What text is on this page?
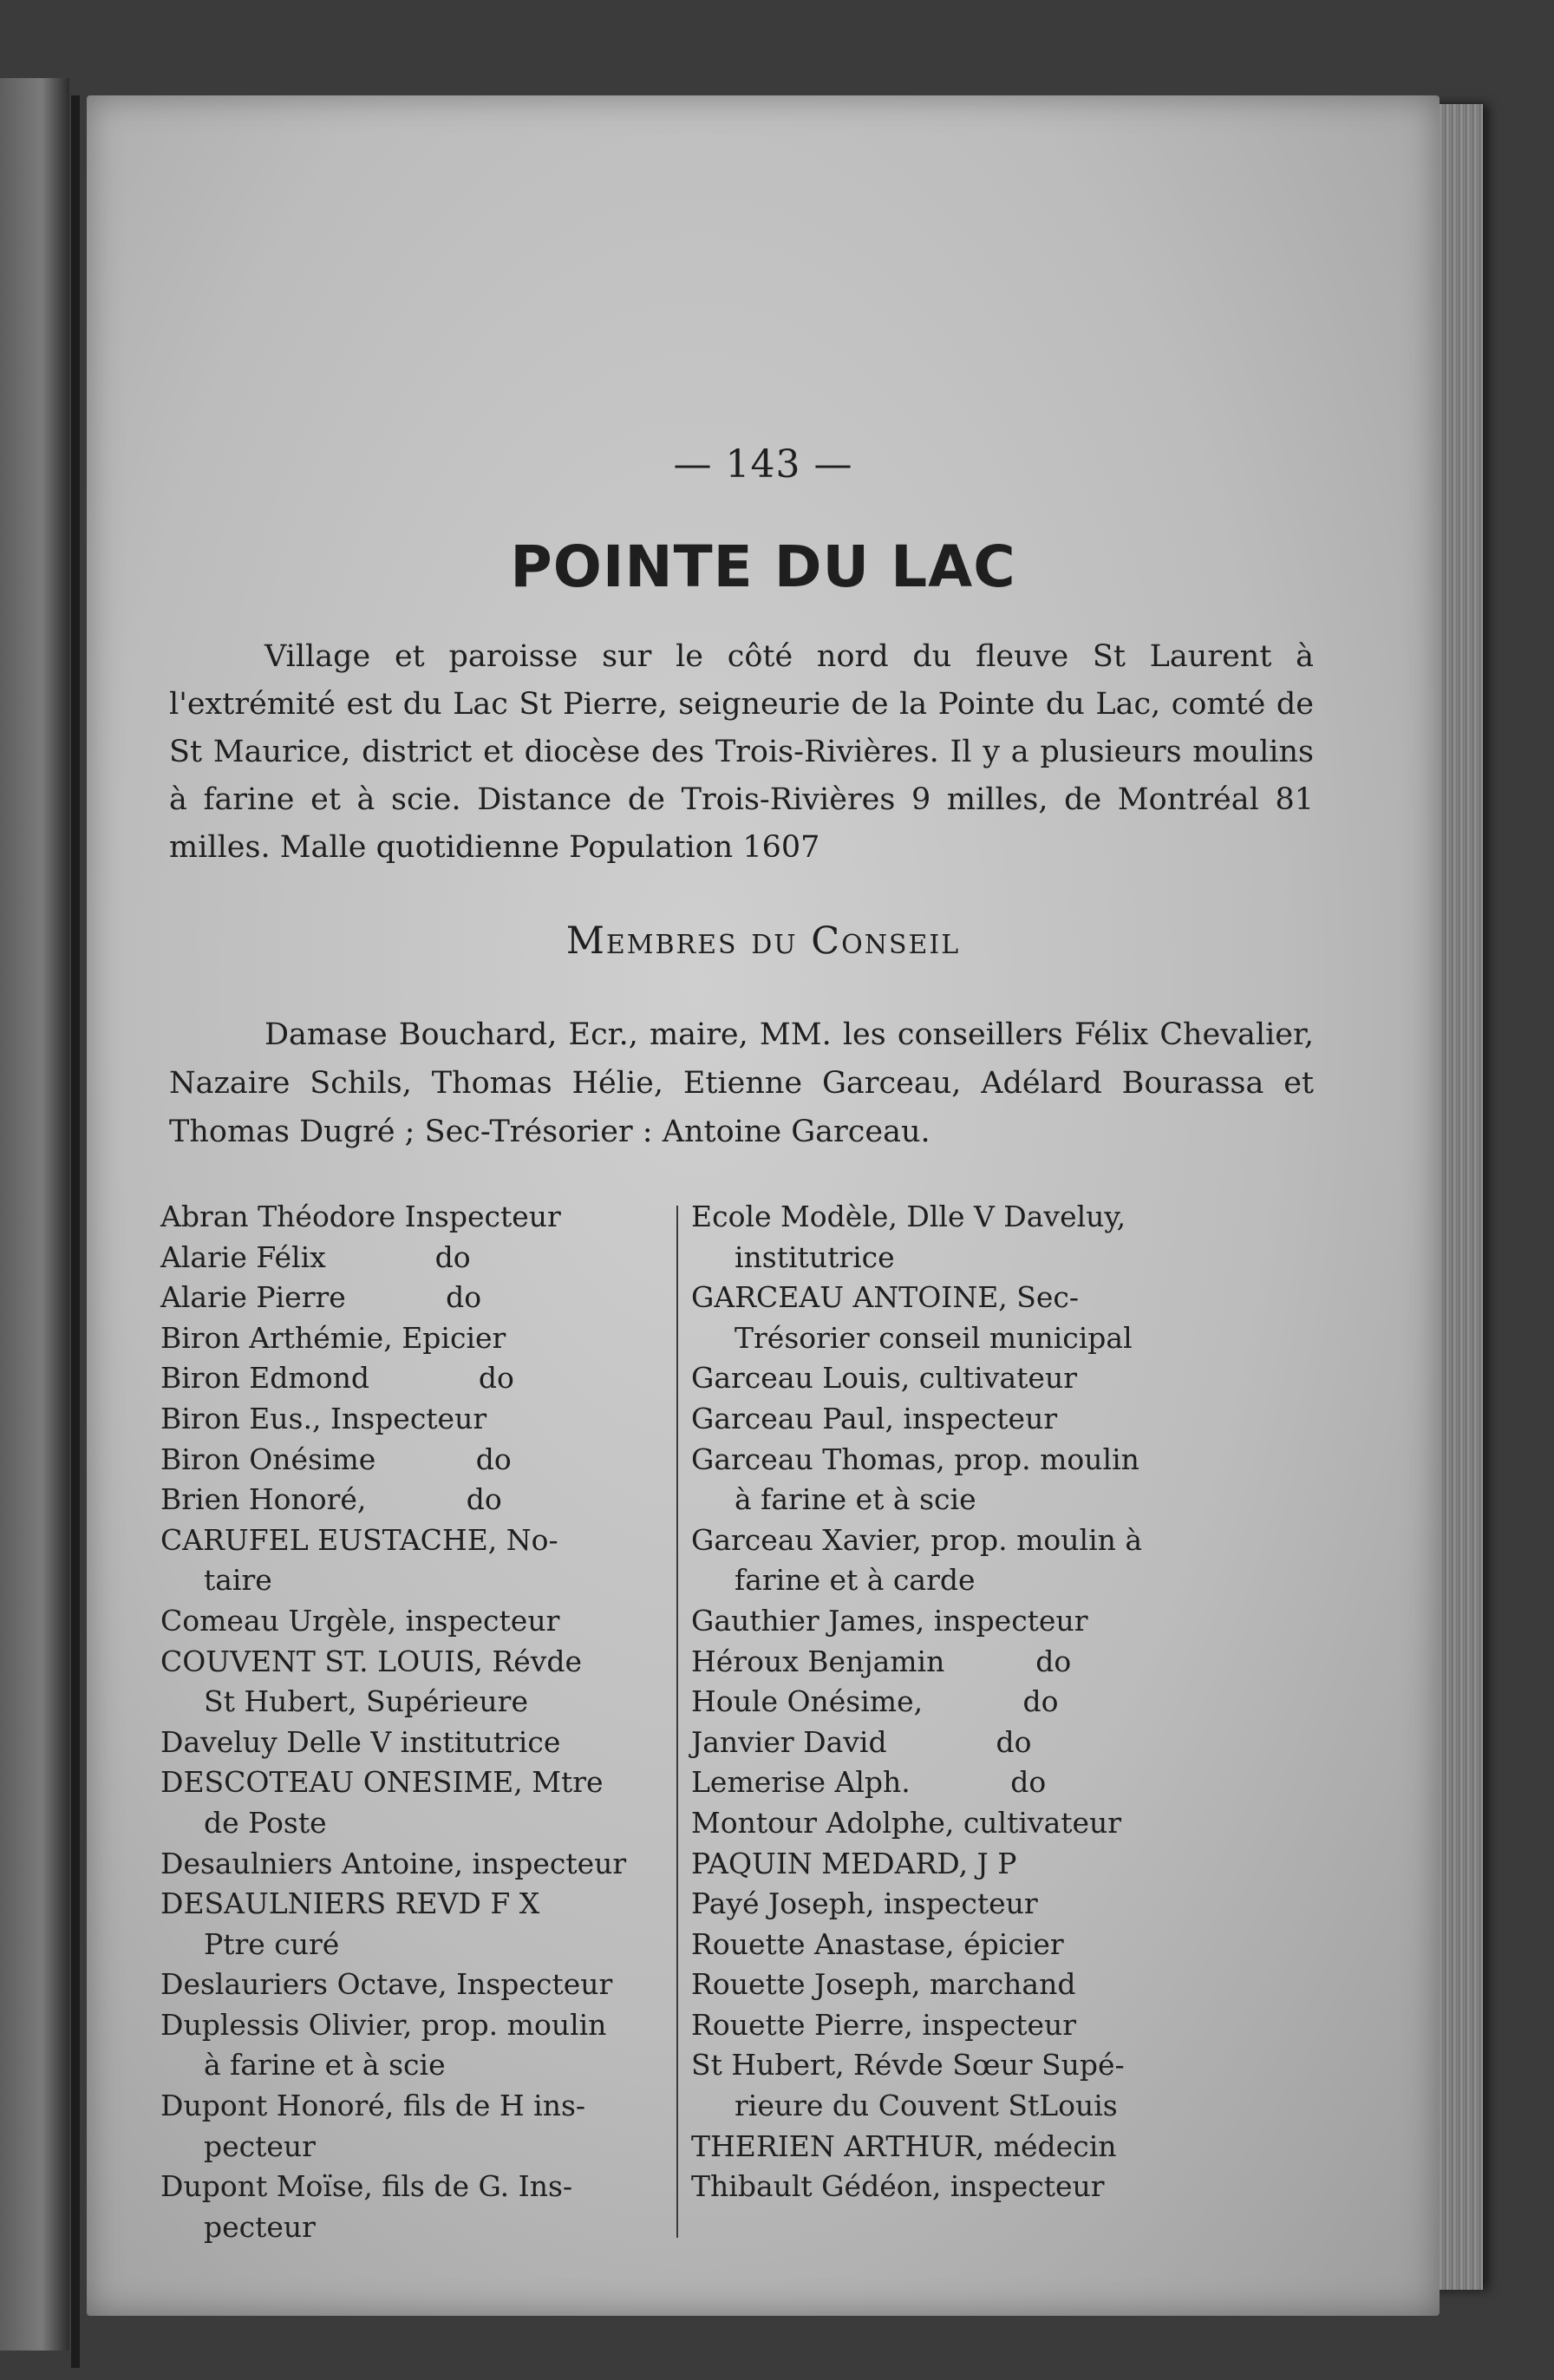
— 143 —
POINTE DU LAC
Village et paroisse sur le côté nord du fleuve St Laurent à l'extrémité est du Lac St Pierre, seigneurie de la Pointe du Lac, comté de St Maurice, district et diocèse des Trois-Rivières. Il y a plusieurs moulins à farine et à scie. Distance de Trois-Rivières 9 milles, de Montréal 81 milles. Malle quotidienne Population 1607
Membres du Conseil
Damase Bouchard, Ecr., maire, MM. les conseillers Félix Chevalier, Nazaire Schils, Thomas Hélie, Etienne Garceau, Adélard Bourassa et Thomas Dugré ; Sec-Trésorier : Antoine Garceau.
Abran Théodore Inspecteur
Alarie Félix            do
Alarie Pierre           do
Biron Arthémie, Epicier
Biron Edmond            do
Biron Eus., Inspecteur
Biron Onésime           do
Brien Honoré,           do
CARUFEL EUSTACHE, No-
taire
Comeau Urgèle, inspecteur
COUVENT ST. LOUIS, Révde
St Hubert, Supérieure
Daveluy Delle V institutrice
DESCOTEAU ONESIME, Mtre
de Poste
Desaulniers Antoine, inspecteur
DESAULNIERS REVD F X
Ptre curé
Deslauriers Octave, Inspecteur
Duplessis Olivier, prop. moulin
à farine et à scie
Dupont Honoré, fils de H ins-
pecteur
Dupont Moïse, fils de G. Ins-
pecteur
Ecole Modèle, Dlle V Daveluy,
institutrice
GARCEAU ANTOINE, Sec-
Trésorier conseil municipal
Garceau Louis, cultivateur
Garceau Paul, inspecteur
Garceau Thomas, prop. moulin
à farine et à scie
Garceau Xavier, prop. moulin à
farine et à carde
Gauthier James, inspecteur
Héroux Benjamin          do
Houle Onésime,           do
Janvier David            do
Lemerise Alph.           do
Montour Adolphe, cultivateur
PAQUIN MEDARD, J P
Payé Joseph, inspecteur
Rouette Anastase, épicier
Rouette Joseph, marchand
Rouette Pierre, inspecteur
St Hubert, Révde Sœur Supé-
rieure du Couvent StLouis
THERIEN ARTHUR, médecin
Thibault Gédéon, inspecteur
